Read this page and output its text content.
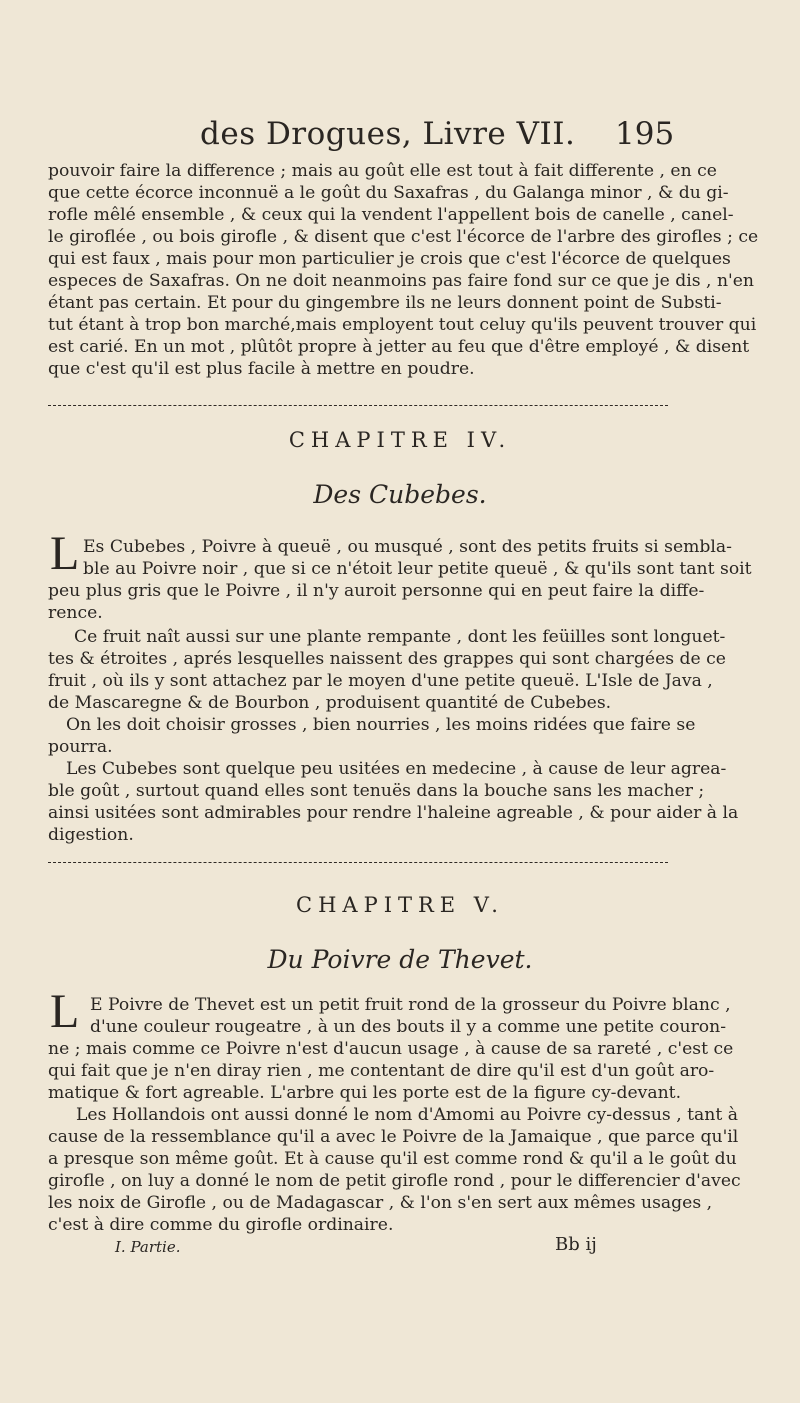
des Drogues, Livre VII. 195

pouvoir faire la difference ; mais au goût elle est tout à fait differente , en ce

que cette écorce inconnuë a le goût du Saxafras , du Galanga minor , & du gi-

rofle mêlé ensemble , & ceux qui la vendent l'appellent bois de canelle , canel-

le giroflée , ou bois girofle , & disent que c'est l'écorce de l'arbre des girofles ; ce

qui est faux , mais pour mon particulier je crois que c'est l'écorce de quelques

especes de Saxafras. On ne doit neanmoins pas faire fond sur ce que je dis , n'en

étant pas certain. Et pour du gingembre ils ne leurs donnent point de Substi-

tut étant à trop bon marché,mais employent tout celuy qu'ils peuvent trouver qui

est carié. En un mot , plûtôt propre à jetter au feu que d'être employé , & disent

que c'est qu'il est plus facile à mettre en poudre.

CHAPITRE IV.
Des Cubebes.
L Es Cubebes , Poivre à queuë , ou musqué , sont des petits fruits si sembla-

ble au Poivre noir , que si ce n'étoit leur petite queuë , & qu'ils sont tant soit

peu plus gris que le Poivre , il n'y auroit personne qui en peut faire la diffe-

rence.

Ce fruit naît aussi sur une plante rempante , dont les feüilles sont longuet-

tes & étroites , aprés lesquelles naissent des grappes qui sont chargées de ce

fruit , où ils y sont attachez par le moyen d'une petite queuë. L'Isle de Java ,

de Mascaregne & de Bourbon , produisent quantité de Cubebes.

On les doit choisir grosses , bien nourries , les moins ridées que faire se

pourra.

Les Cubebes sont quelque peu usitées en medecine , à cause de leur agrea-

ble goût , surtout quand elles sont tenuës dans la bouche sans les macher ;

ainsi usitées sont admirables pour rendre l'haleine agreable , & pour aider à la

digestion.

CHAPITRE V.
Du Poivre de Thevet.
L E Poivre de Thevet est un petit fruit rond de la grosseur du Poivre blanc ,

d'une couleur rougeatre , à un des bouts il y a comme une petite couron-

ne ; mais comme ce Poivre n'est d'aucun usage , à cause de sa rareté , c'est ce

qui fait que je n'en diray rien , me contentant de dire qu'il est d'un goût aro-

matique & fort agreable. L'arbre qui les porte est de la figure cy-devant.

Les Hollandois ont aussi donné le nom d'Amomi au Poivre cy-dessus , tant à

cause de la ressemblance qu'il a avec le Poivre de la Jamaique , que parce qu'il

a presque son même goût. Et à cause qu'il est comme rond & qu'il a le goût du

girofle , on luy a donné le nom de petit girofle rond , pour le differencier d'avec

les noix de Girofle , ou de Madagascar , & l'on s'en sert aux mêmes usages ,

c'est à dire comme du girofle ordinaire.

I. Partie.	Bb ij
